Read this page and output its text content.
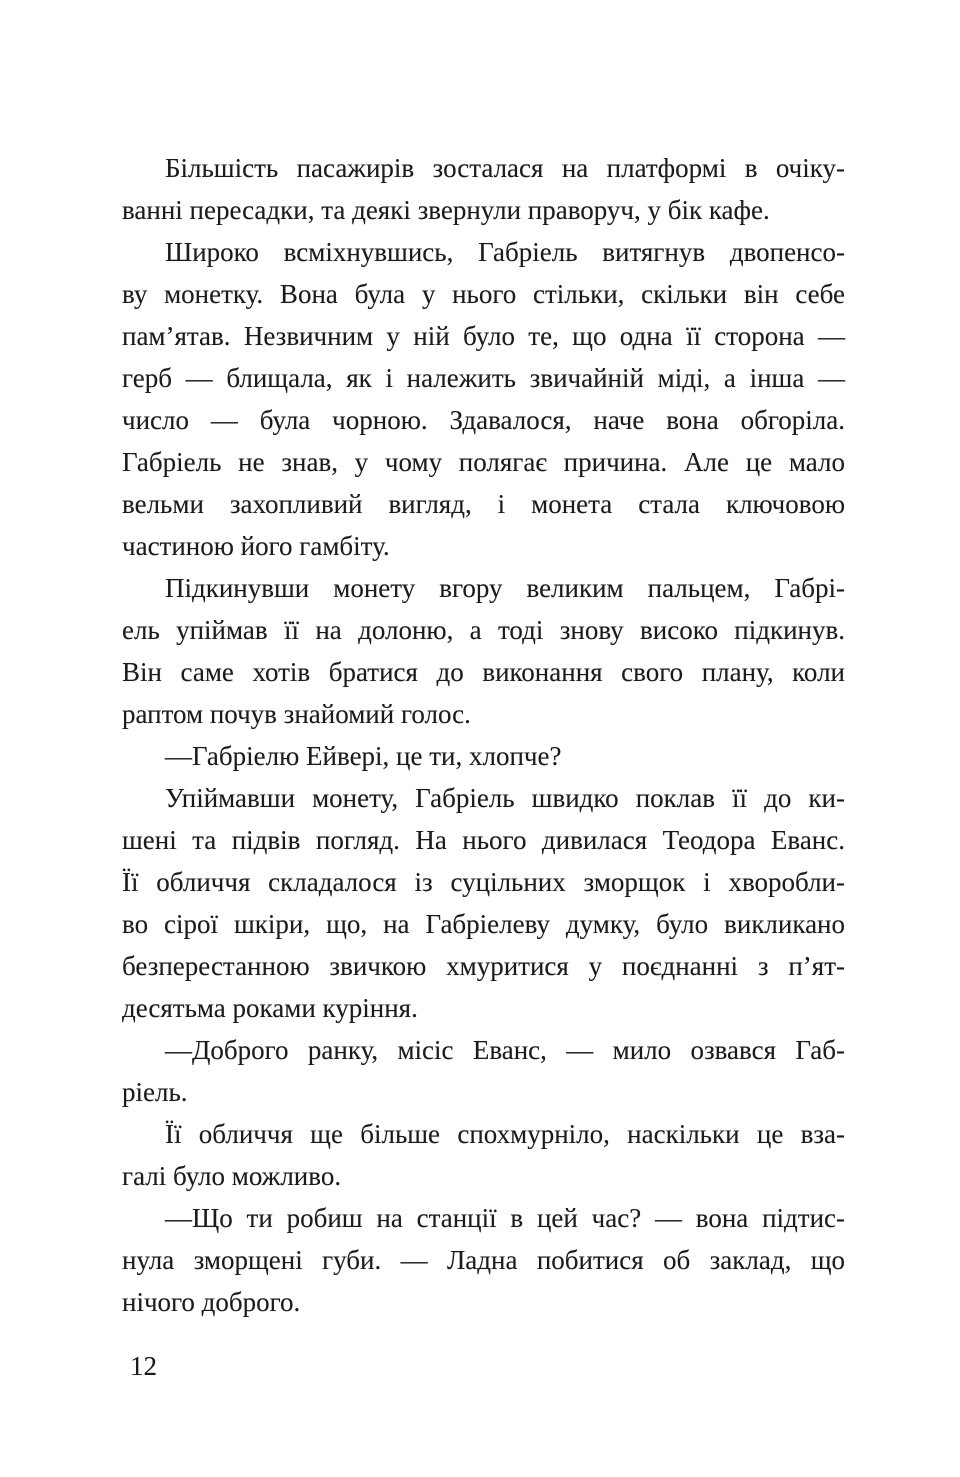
Більшість пасажирів зосталася на платформі в очіку-
ванні пересадки, та деякі звернули праворуч, у бік кафе.

Широко всміхнувшись, Габріель витягнув двопенсо-
ву монетку. Вона була у нього стільки, скільки він себе
пам’ятав. Незвичним у ній було те, що одна її сторона —
герб — блищала, як і належить звичайній міді, а інша —
число — була чорною. Здавалося, наче вона обгоріла.
Габріель не знав, у чому полягає причина. Але це мало
вельми захопливий вигляд, і монета стала ключовою
частиною його гамбіту.

Підкинувши монету вгору великим пальцем, Габрі-
ель упіймав її на долоню, а тоді знову високо підкинув.
Він саме хотів братися до виконання свого плану, коли
раптом почув знайомий голос.

—Габріелю Ейвері, це ти, хлопче?

Упіймавши монету, Габріель швидко поклав її до ки-
шені та підвів погляд. На нього дивилася Теодора Еванс.
Її обличчя складалося із суцільних зморщок і хворобли-
во сірої шкіри, що, на Габріелеву думку, було викликано
безперестанною звичкою хмуритися у поєднанні з п’ят-
десятьма роками куріння.

—Доброго ранку, місіс Еванс, — мило озвався Габ-
ріель.

Її обличчя ще більше спохмурніло, наскільки це вза-
галі було можливо.

—Що ти робиш на станції в цей час? — вона підтис-
нула зморщені губи. — Ладна побитися об заклад, що
нічого доброго.

12
